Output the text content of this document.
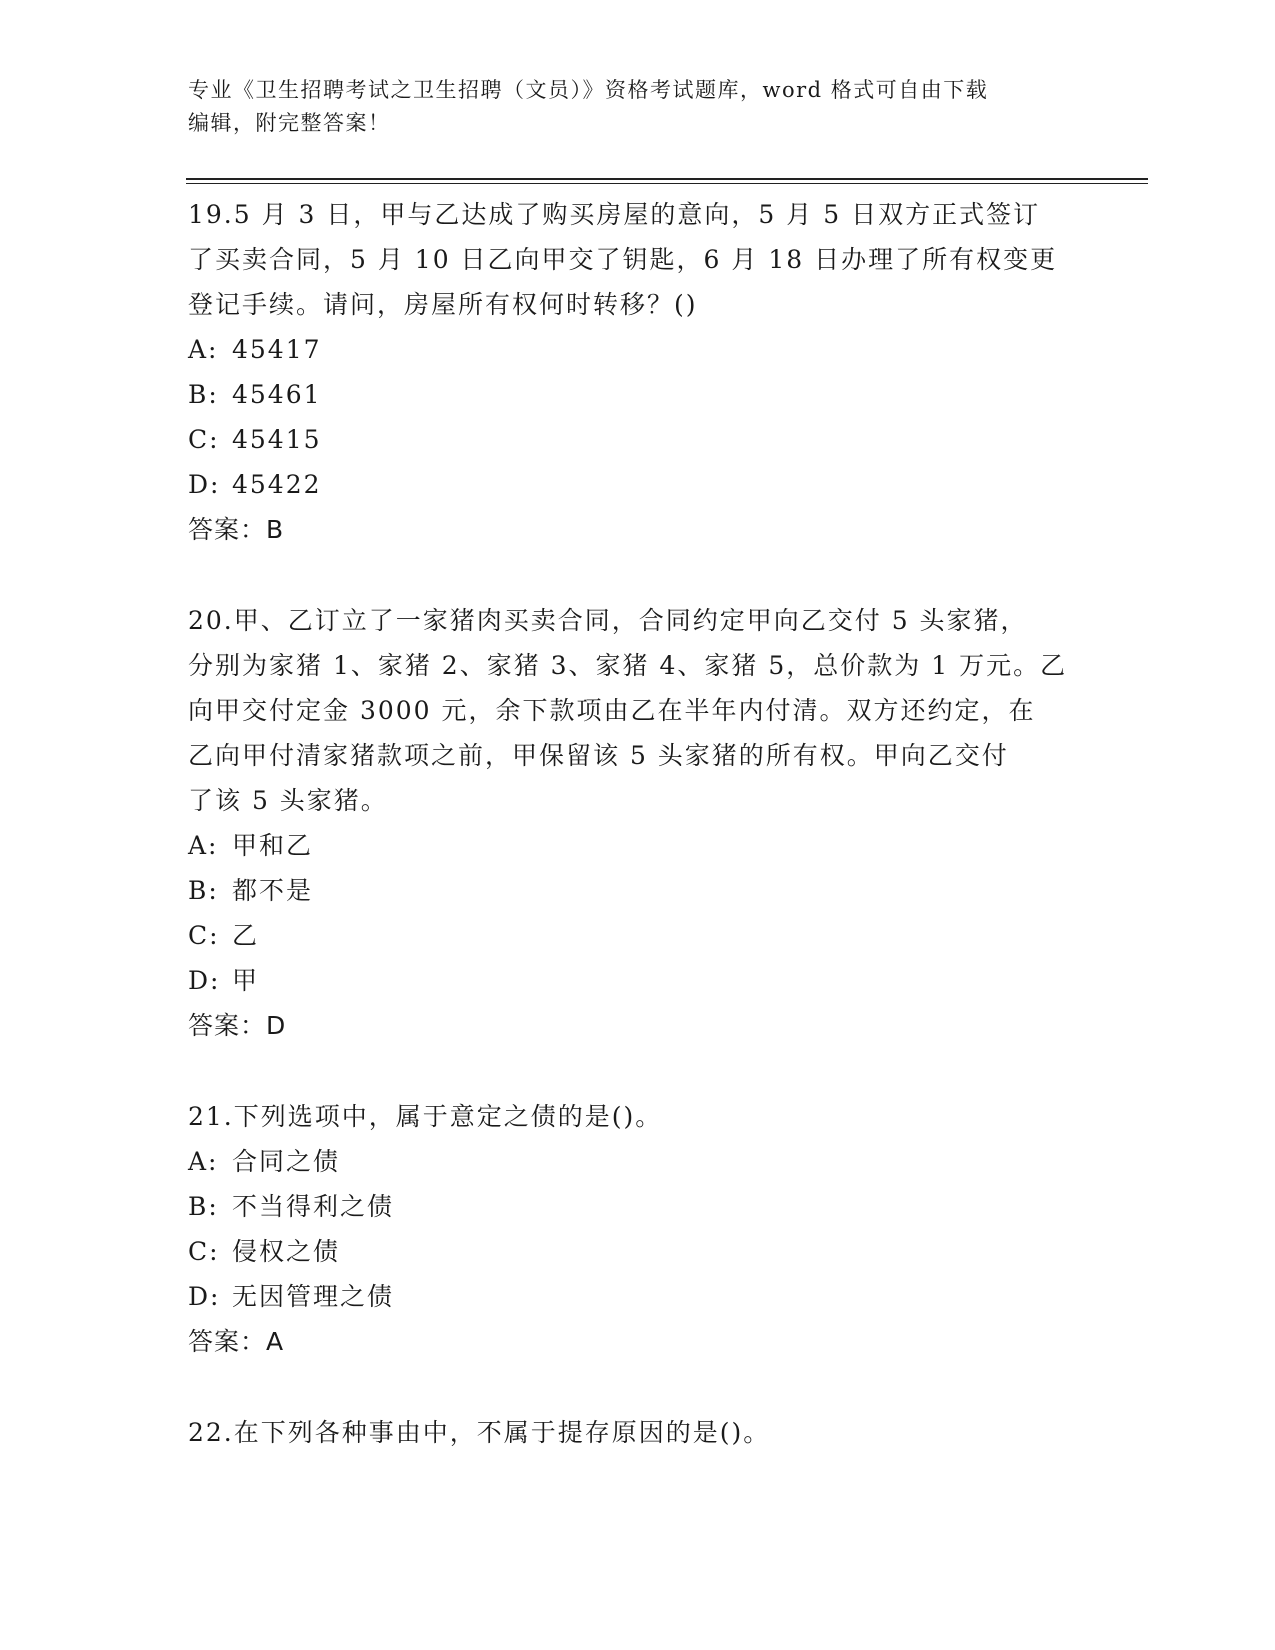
专业《卫生招聘考试之卫生招聘（文员）》资格考试题库，word 格式可自由下载
编辑，附完整答案！

19.5 月 3 日，甲与乙达成了购买房屋的意向，5 月 5 日双方正式签订

了买卖合同，5 月 10 日乙向甲交了钥匙，6 月 18 日办理了所有权变更

登记手续。请问，房屋所有权何时转移？()

A: 45417

B: 45461

C: 45415

D: 45422

答案：B

20.甲、乙订立了一家猪肉买卖合同，合同约定甲向乙交付 5 头家猪，

分别为家猪 1、家猪 2、家猪 3、家猪 4、家猪 5，总价款为 1 万元。乙

向甲交付定金 3000 元，余下款项由乙在半年内付清。双方还约定，在

乙向甲付清家猪款项之前，甲保留该 5 头家猪的所有权。甲向乙交付

了该 5 头家猪。

A: 甲和乙

B: 都不是

C: 乙

D: 甲

答案：D

21.下列选项中，属于意定之债的是()。

A: 合同之债

B: 不当得利之债

C: 侵权之债

D: 无因管理之债

答案：A

22.在下列各种事由中，不属于提存原因的是()。
